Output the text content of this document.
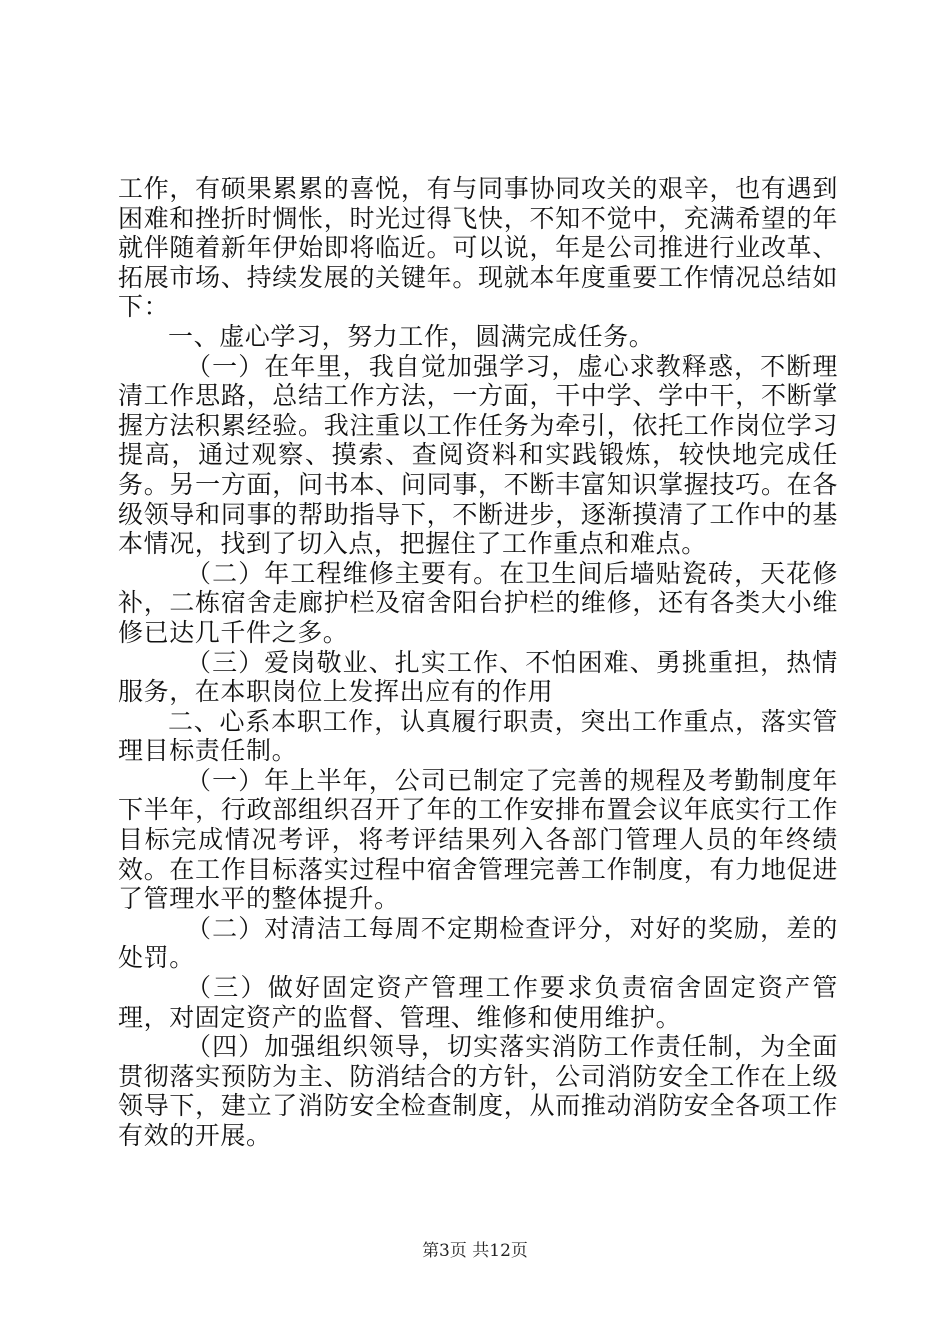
工作，有硕果累累的喜悦，有与同事协同攻关的艰辛，也有遇到困难和挫折时惆怅，时光过得飞快，不知不觉中，充满希望的年就伴随着新年伊始即将临近。可以说，年是公司推进行业改革、拓展市场、持续发展的关键年。现就本年度重要工作情况总结如下：

一、虚心学习，努力工作，圆满完成任务。

（一）在年里，我自觉加强学习，虚心求教释惑，不断理清工作思路，总结工作方法，一方面，干中学、学中干，不断掌握方法积累经验。我注重以工作任务为牵引，依托工作岗位学习提高，通过观察、摸索、查阅资料和实践锻炼，较快地完成任务。另一方面，问书本、问同事，不断丰富知识掌握技巧。在各级领导和同事的帮助指导下，不断进步，逐渐摸清了工作中的基本情况，找到了切入点，把握住了工作重点和难点。

（二）年工程维修主要有。在卫生间后墙贴瓷砖，天花修补，二栋宿舍走廊护栏及宿舍阳台护栏的维修，还有各类大小维修已达几千件之多。

（三）爱岗敬业、扎实工作、不怕困难、勇挑重担，热情服务，在本职岗位上发挥出应有的作用

二、心系本职工作，认真履行职责，突出工作重点，落实管理目标责任制。

（一）年上半年，公司已制定了完善的规程及考勤制度年下半年，行政部组织召开了年的工作安排布置会议年底实行工作目标完成情况考评，将考评结果列入各部门管理人员的年终绩效。在工作目标落实过程中宿舍管理完善工作制度，有力地促进了管理水平的整体提升。

（二）对清洁工每周不定期检查评分，对好的奖励，差的处罚。

（三）做好固定资产管理工作要求负责宿舍固定资产管理，对固定资产的监督、管理、维修和使用维护。

（四）加强组织领导，切实落实消防工作责任制，为全面贯彻落实预防为主、防消结合的方针，公司消防安全工作在上级领导下，建立了消防安全检查制度，从而推动消防安全各项工作有效的开展。

第3页 共12页
